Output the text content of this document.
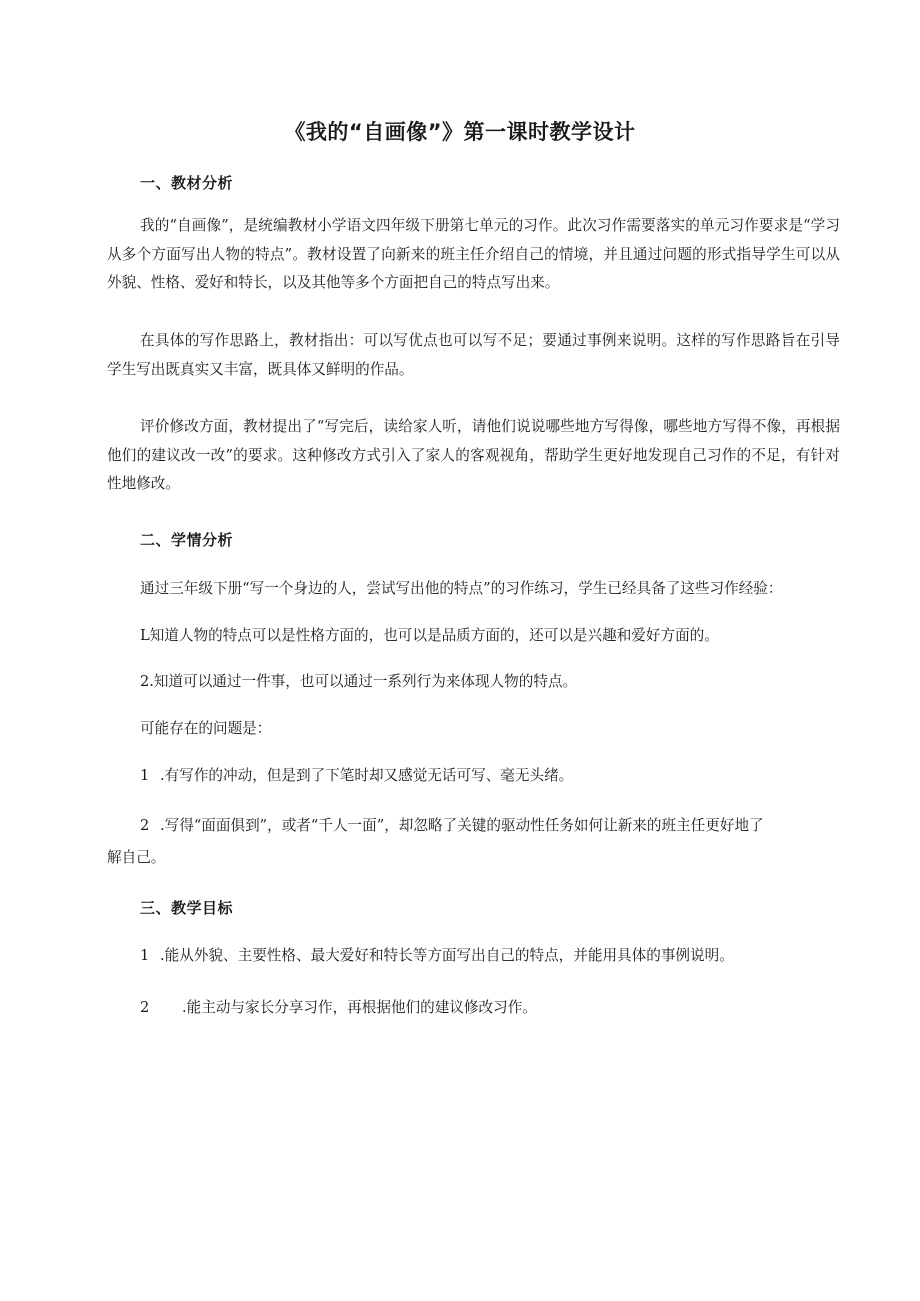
《我的“自画像”》第一课时教学设计
一、教材分析
我的“自画像”，是统编教材小学语文四年级下册第七单元的习作。此次习作需要落实的单元习作要求是“学习从多个方面写出人物的特点”。教材设置了向新来的班主任介绍自己的情境，并且通过问题的形式指导学生可以从外貌、性格、爱好和特长，以及其他等多个方面把自己的特点写出来。
在具体的写作思路上，教材指出：可以写优点也可以写不足；要通过事例来说明。这样的写作思路旨在引导学生写出既真实又丰富，既具体又鲜明的作品。
评价修改方面，教材提出了“写完后，读给家人听，请他们说说哪些地方写得像，哪些地方写得不像，再根据他们的建议改一改”的要求。这种修改方式引入了家人的客观视角，帮助学生更好地发现自己习作的不足，有针对性地修改。
二、学情分析
通过三年级下册“写一个身边的人，尝试写出他的特点”的习作练习，学生已经具备了这些习作经验：
L知道人物的特点可以是性格方面的，也可以是品质方面的，还可以是兴趣和爱好方面的。
2.知道可以通过一件事，也可以通过一系列行为来体现人物的特点。
可能存在的问题是：
1 .有写作的冲动，但是到了下笔时却又感觉无话可写、毫无头绪。
2 .写得“面面俱到”，或者“千人一面”，却忽略了关键的驱动性任务如何让新来的班主任更好地了
解自己。
三、教学目标
1 .能从外貌、主要性格、最大爱好和特长等方面写出自己的特点，并能用具体的事例说明。
2 .能主动与家长分享习作，再根据他们的建议修改习作。
